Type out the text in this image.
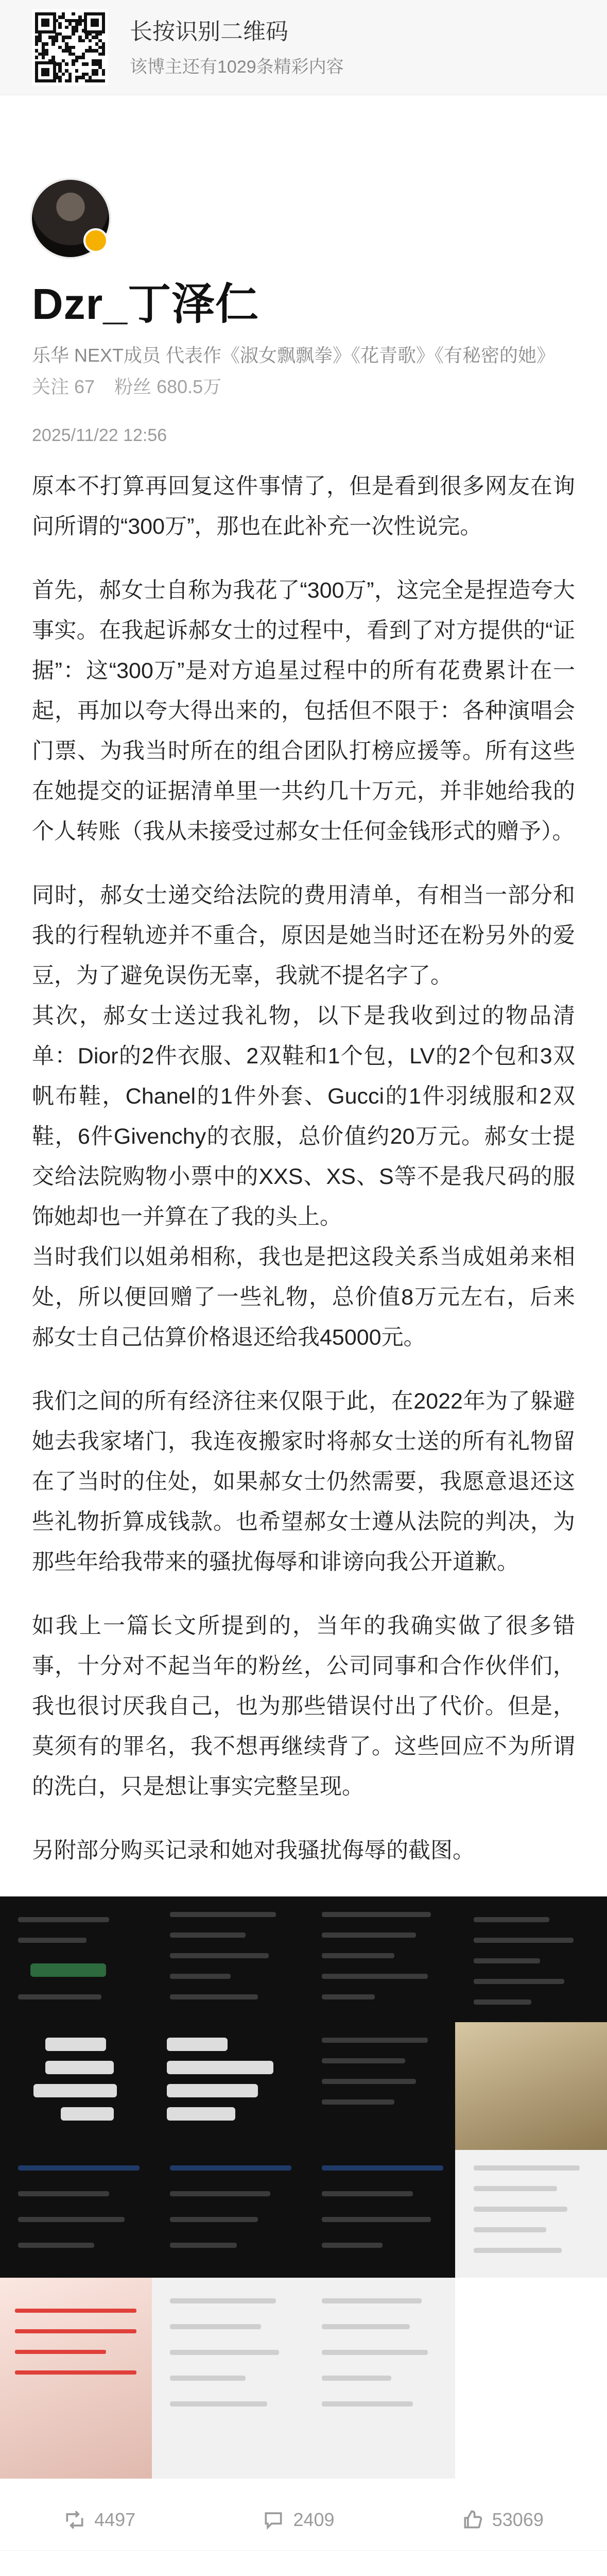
长按识别二维码
该博主还有1029条精彩内容
Dzr_丁泽仁
乐华 NEXT成员 代表作《淑女飘飘拳》《花青歌》《有秘密的她》
关注 67 粉丝 680.5万
2025/11/22 12:56

原本不打算再回复这件事情了，但是看到很多网友在询问所谓的“300万”，那也在此补充一次性说完。

首先，郝女士自称为我花了“300万”，这完全是捏造夸大事实。在我起诉郝女士的过程中，看到了对方提供的“证据”：这“300万”是对方追星过程中的所有花费累计在一起，再加以夸大得出来的，包括但不限于：各种演唱会门票、为我当时所在的组合团队打榜应援等。所有这些在她提交的证据清单里一共约几十万元，并非她给我的个人转账（我从未接受过郝女士任何金钱形式的赠予）。

同时，郝女士递交给法院的费用清单，有相当一部分和我的行程轨迹并不重合，原因是她当时还在粉另外的爱豆，为了避免误伤无辜，我就不提名字了。

其次，郝女士送过我礼物，以下是我收到过的物品清单：Dior的2件衣服、2双鞋和1个包，LV的2个包和3双帆布鞋，Chanel的1件外套、Gucci的1件羽绒服和2双鞋，6件Givenchy的衣服，总价值约20万元。郝女士提交给法院购物小票中的XXS、XS、S等不是我尺码的服饰她却也一并算在了我的头上。

当时我们以姐弟相称，我也是把这段关系当成姐弟来相处，所以便回赠了一些礼物，总价值8万元左右，后来郝女士自己估算价格退还给我45000元。

我们之间的所有经济往来仅限于此，在2022年为了躲避她去我家堵门，我连夜搬家时将郝女士送的所有礼物留在了当时的住处，如果郝女士仍然需要，我愿意退还这些礼物折算成钱款。也希望郝女士遵从法院的判决，为那些年给我带来的骚扰侮辱和诽谤向我公开道歉。

如我上一篇长文所提到的，当年的我确实做了很多错事，十分对不起当年的粉丝，公司同事和合作伙伴们，我也很讨厌我自己，也为那些错误付出了代价。但是，莫须有的罪名，我不想再继续背了。这些回应不为所谓的洗白，只是想让事实完整呈现。

另附部分购买记录和她对我骚扰侮辱的截图。

4497	2409	53069
